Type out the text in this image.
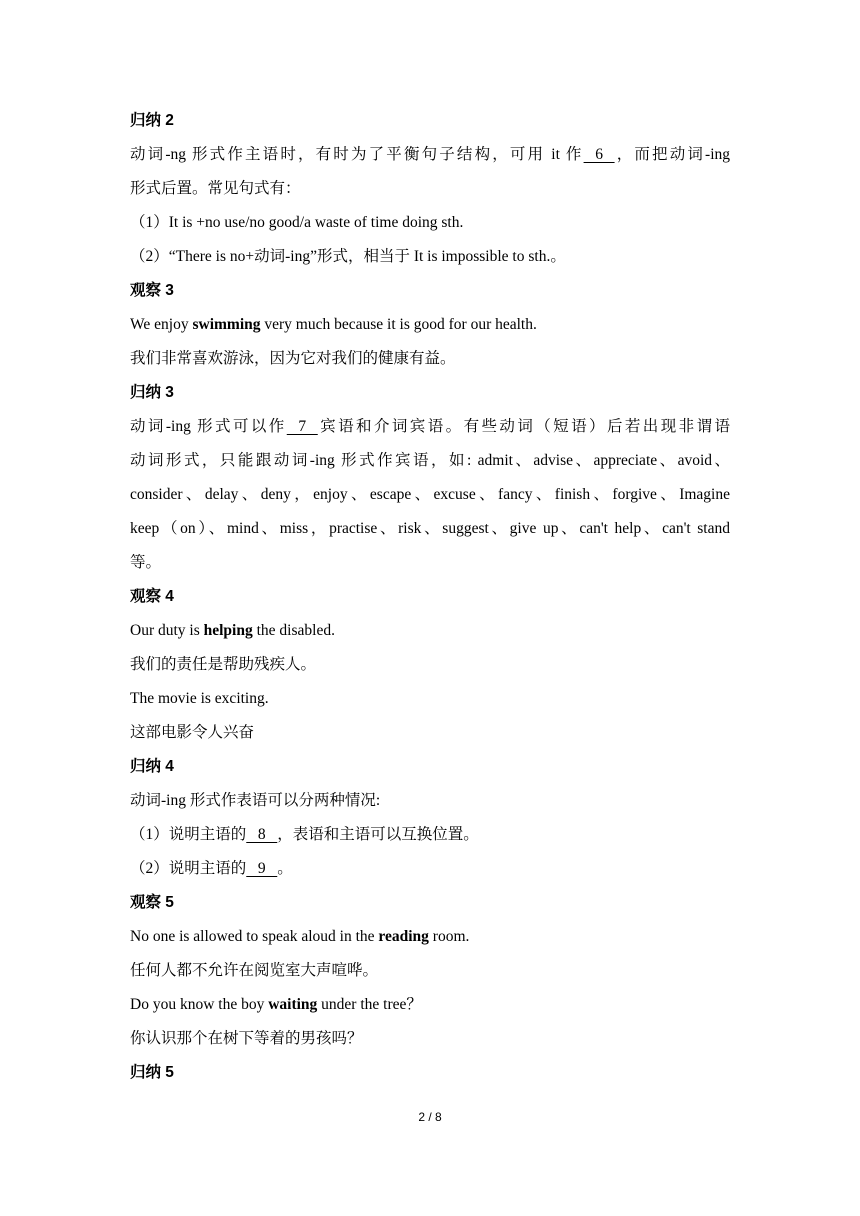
归纳 2
动词-ng 形式作主语时，有时为了平衡句子结构，可用 it 作   6   ，而把动词-ing
形式后置。常见句式有：
（1）It is +no use/no good/a waste of time doing sth.
（2）“There is no+动词-ing”形式，相当于 It is impossible to sth.。
观察 3
We enjoy swimming very much because it is good for our health.
我们非常喜欢游泳，因为它对我们的健康有益。
归纳 3
动词-ing 形式可以作   7   宾语和介词宾语。有些动词（短语）后若出现非谓语
动词形式，只能跟动词-ing 形式作宾语，如: admit、advise、appreciate、avoid、
consider、delay、deny，enjoy、escape、excuse、fancy、finish、forgive、Imagine
keep（on）、mind、miss，practise、risk、suggest、give up、can't help、can't stand
等。
观察 4
Our duty is helping the disabled.
我们的责任是帮助残疾人。
The movie is exciting.
这部电影令人兴奋
归纳 4
动词-ing 形式作表语可以分两种情况:
（1）说明主语的   8   ，表语和主语可以互换位置。
（2）说明主语的   9   。
观察 5
No one is allowed to speak aloud in the reading room.
任何人都不允许在阅览室大声喧哗。
Do you know the boy waiting under the tree？
你认识那个在树下等着的男孩吗？
归纳 5
2 / 8
